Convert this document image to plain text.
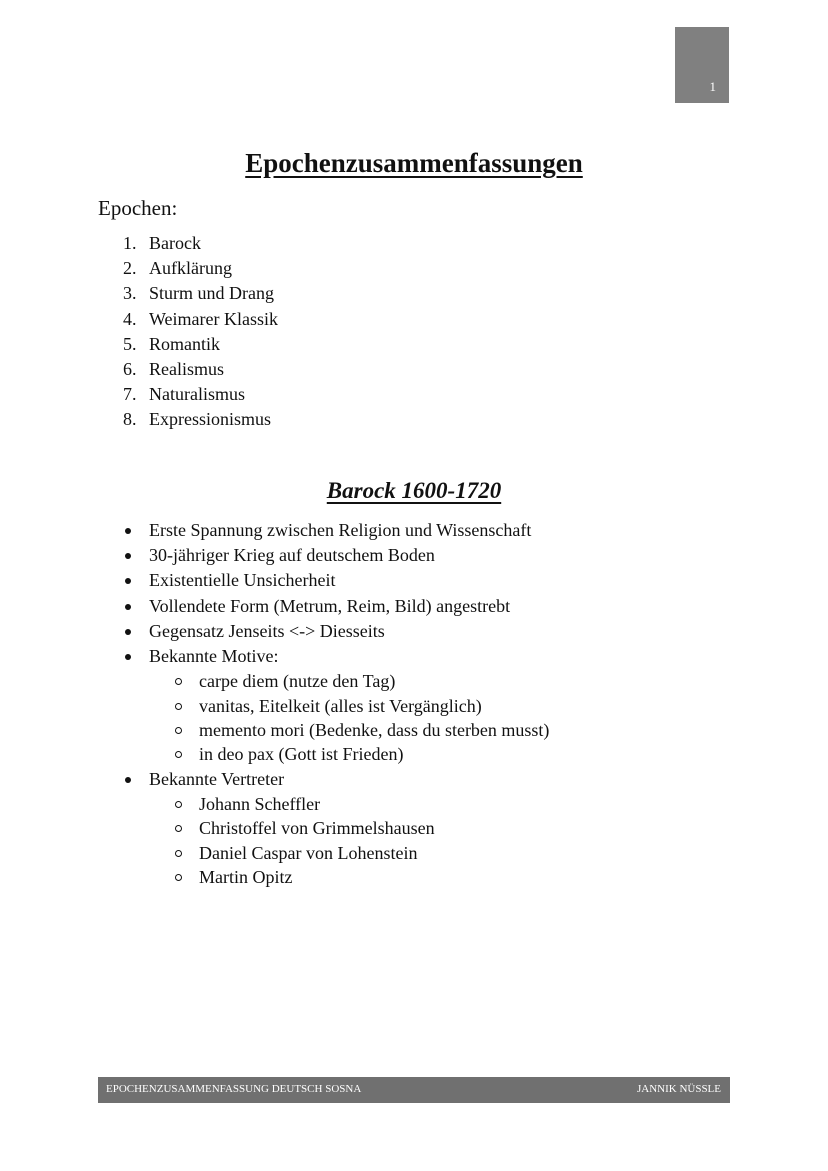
1
Epochenzusammenfassungen

Epochen:

1. Barock
2. Aufklärung
3. Sturm und Drang
4. Weimarer Klassik
5. Romantik
6. Realismus
7. Naturalismus
8. Expressionismus
Barock 1600-1720
Erste Spannung zwischen Religion und Wissenschaft
30-jähriger Krieg auf deutschem Boden
Existentielle Unsicherheit
Vollendete Form (Metrum, Reim, Bild) angestrebt
Gegensatz Jenseits <-> Diesseits
Bekannte Motive:
carpe diem (nutze den Tag)
vanitas, Eitelkeit (alles ist Vergänglich)
memento mori (Bedenke, dass du sterben musst)
in deo pax (Gott ist Frieden)
Bekannte Vertreter
Johann Scheffler
Christoffel von Grimmelshausen
Daniel Caspar von Lohenstein
Martin Opitz
EPOCHENZUSAMMENFASSUNG DEUTSCH SOSNA	JANNIK NÜSSLE
